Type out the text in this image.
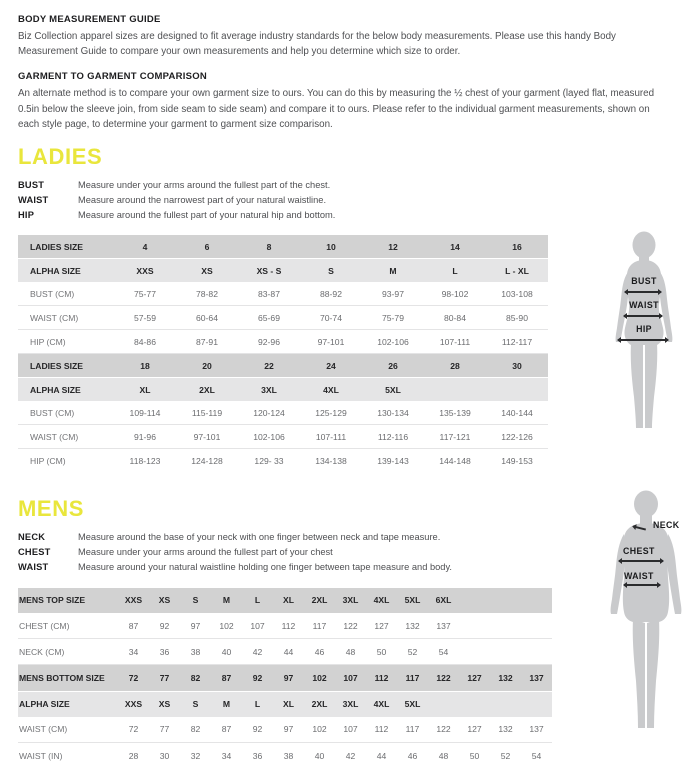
BODY MEASUREMENT GUIDE

Biz Collection apparel sizes are designed to fit average industry standards for the below body measurements. Please use this handy Body Measurement Guide to compare your own measurements and help you determine which size to order.

GARMENT TO GARMENT COMPARISON

An alternate method is to compare your own garment size to ours. You can do this by measuring the ½ chest of your garment (layed flat, measured 0.5in below the sleeve join, from side seam to side seam) and compare it to ours. Please refer to the individual garment measurements, shown on each style page, to determine your garment to garment size comparison.

LADIES
BUST	Measure under your arms around the fullest part of the chest.
WAIST	Measure around the narrowest part of your natural waistline.
HIP	Measure around the fullest part of your natural hip and bottom.
LADIES SIZE	4	6	8	10	12	14	16
ALPHA SIZE	XXS	XS	XS - S	S	M	L	L - XL
BUST (CM)	75-77	78-82	83-87	88-92	93-97	98-102	103-108
WAIST (CM)	57-59	60-64	65-69	70-74	75-79	80-84	85-90
HIP (CM)	84-86	87-91	92-96	97-101	102-106	107-111	112-117
LADIES SIZE	18	20	22	24	26	28	30
ALPHA SIZE	XL	2XL	3XL	4XL	5XL		
BUST (CM)	109-114	115-119	120-124	125-129	130-134	135-139	140-144
WAIST (CM)	91-96	97-101	102-106	107-111	112-116	117-121	122-126
HIP (CM)	118-123	124-128	129- 33	134-138	139-143	144-148	149-153
MENS
NECK	Measure around the base of your neck with one finger between neck and tape measure.
CHEST	Measure under your arms around the fullest part of your chest
WAIST	Measure around your natural waistline holding one finger between tape measure and body.
MENS TOP SIZE	XXS	XS	S	M	L	XL	2XL	3XL	4XL	5XL	6XL			
CHEST (CM)	87	92	97	102	107	112	117	122	127	132	137			
NECK (CM)	34	36	38	40	42	44	46	48	50	52	54			
MENS BOTTOM SIZE	72	77	82	87	92	97	102	107	112	117	122	127	132	137
ALPHA SIZE	XXS	XS	S	M	L	XL	2XL	3XL	4XL	5XL				
WAIST (CM)	72	77	82	87	92	97	102	107	112	117	122	127	132	137
WAIST (IN)	28	30	32	34	36	38	40	42	44	46	48	50	52	54
BUST
WAIST
HIP
NECK
CHEST
WAIST
